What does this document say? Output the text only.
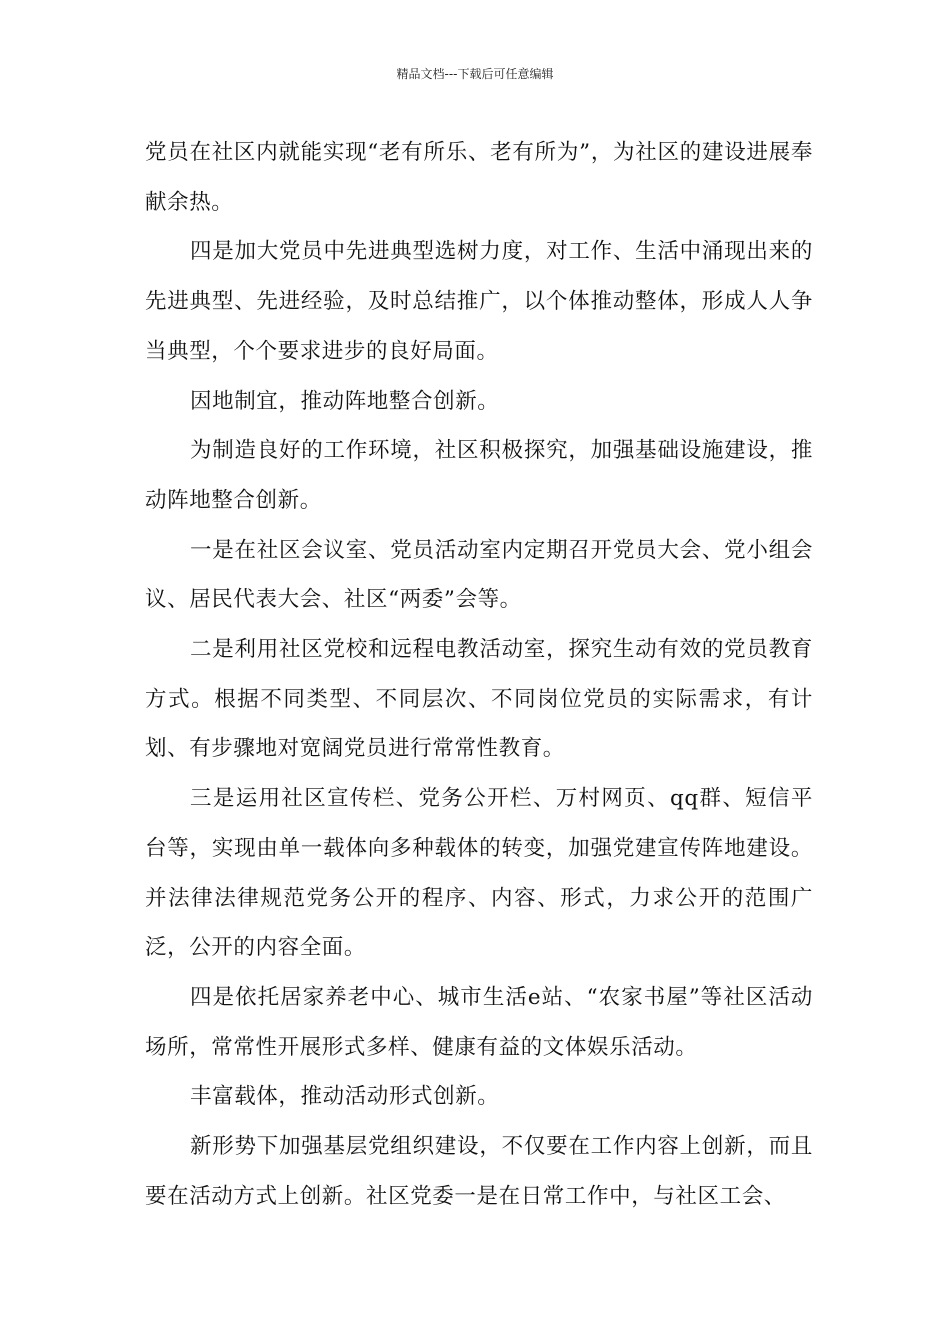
精品文档---下载后可任意编辑

党员在社区内就能实现“老有所乐、老有所为”，为社区的建设进展奉献余热。

四是加大党员中先进典型选树力度，对工作、生活中涌现出来的先进典型、先进经验，及时总结推广，以个体推动整体，形成人人争当典型，个个要求进步的良好局面。

因地制宜，推动阵地整合创新。

为制造良好的工作环境，社区积极探究，加强基础设施建设，推动阵地整合创新。

一是在社区会议室、党员活动室内定期召开党员大会、党小组会议、居民代表大会、社区“两委”会等。

二是利用社区党校和远程电教活动室，探究生动有效的党员教育方式。根据不同类型、不同层次、不同岗位党员的实际需求，有计划、有步骤地对宽阔党员进行常常性教育。

三是运用社区宣传栏、党务公开栏、万村网页、qq群、短信平台等，实现由单一载体向多种载体的转变，加强党建宣传阵地建设。并法律法律规范党务公开的程序、内容、形式，力求公开的范围广泛，公开的内容全面。

四是依托居家养老中心、城市生活e站、“农家书屋”等社区活动场所，常常性开展形式多样、健康有益的文体娱乐活动。

丰富载体，推动活动形式创新。

新形势下加强基层党组织建设，不仅要在工作内容上创新，而且要在活动方式上创新。社区党委一是在日常工作中，与社区工会、
